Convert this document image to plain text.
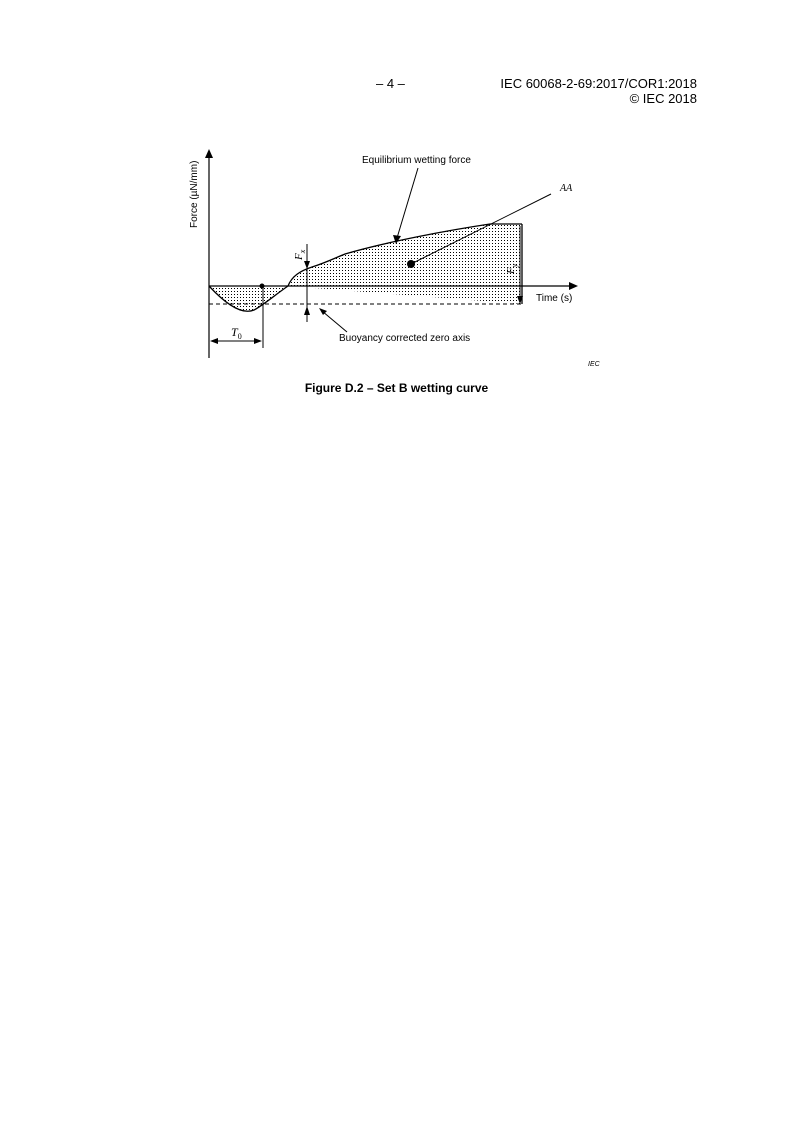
– 4 –	IEC 60068-2-69:2017/COR1:2018
© IEC 2018
$T_0$
$F_x$
$F_y$
Equilibrium wetting force
AA
Buoyancy corrected zero axis
Time (s)
Force (µN/mm)
IEC
Figure D.2 – Set B wetting curve
